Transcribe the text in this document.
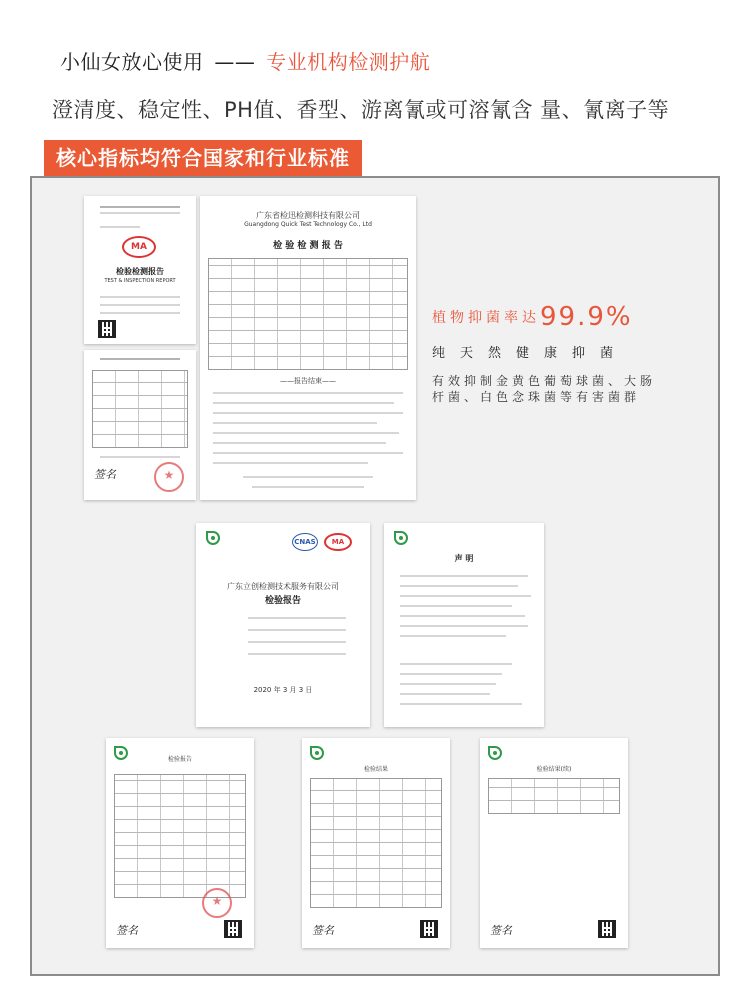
小仙女放心使用 —— 专业机构检测护航
澄清度、稳定性、PH值、香型、游离氰或可溶氰含 量、氰离子等
核心指标均符合国家和行业标准
MA
检验检测报告
TEST & INSPECTION REPORT
签名
★
广东省检迅检测科技有限公司
Guangdong Quick Test Technology Co., Ltd
检 验 检 测 报 告
——报告结束——
CNAS	MA
广东立创检测技术服务有限公司
检验报告
2020 年 3 月 3 日
声 明
检验报告
★
签名
检验结果
签名
检验结果(续)
签名
植物抑菌率达99.9%
纯天然健康抑菌
有效抑制金黄色葡萄球菌、大肠
杆菌、白色念珠菌等有害菌群
